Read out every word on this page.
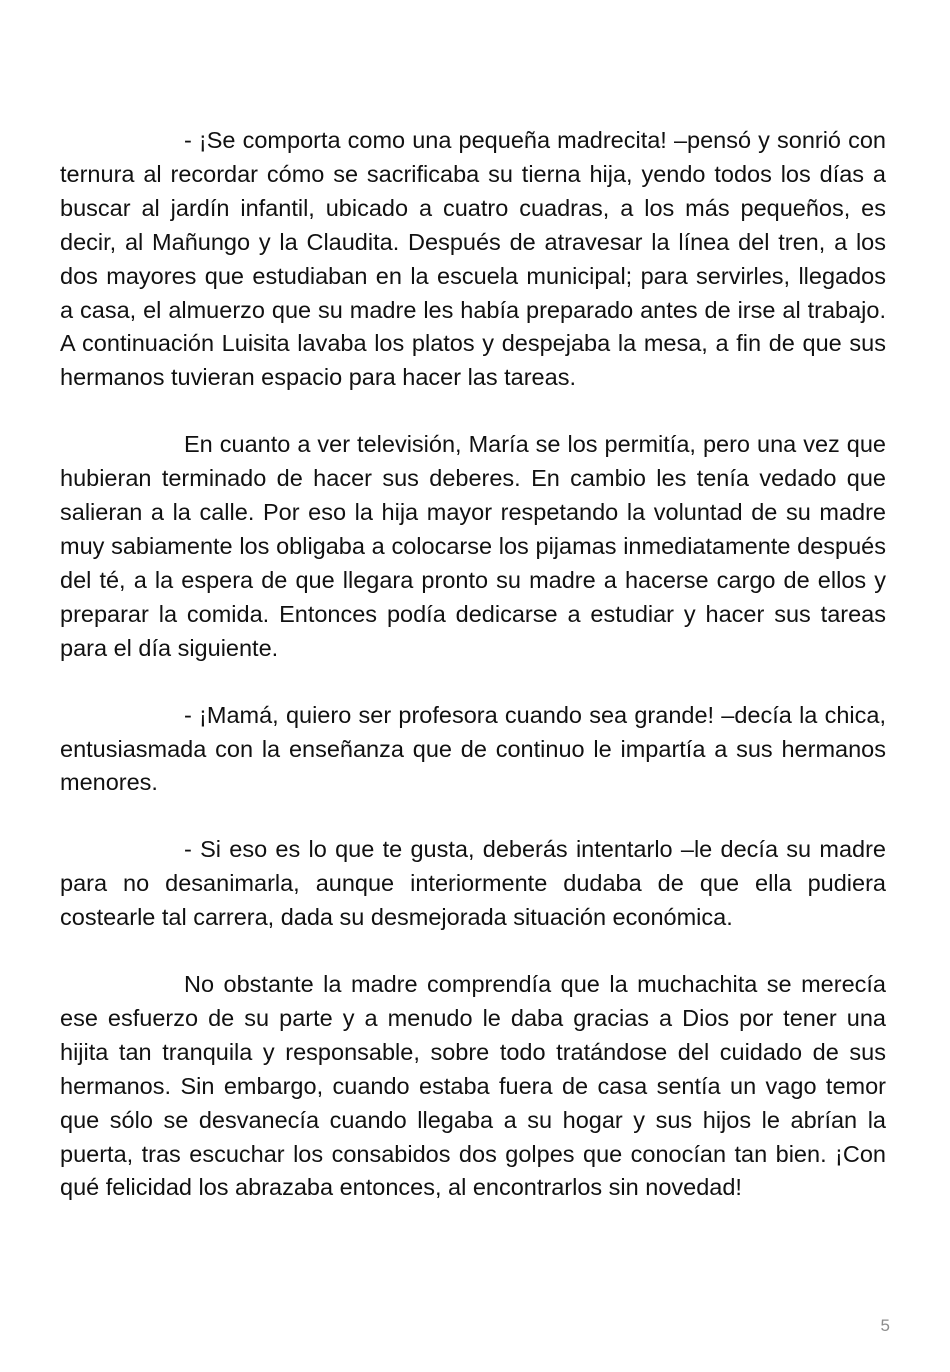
- ¡Se comporta como una pequeña madrecita! –pensó y sonrió con ternura al recordar cómo se sacrificaba su tierna hija, yendo todos los días a buscar al jardín infantil, ubicado a cuatro cuadras, a los más pequeños, es decir, al Mañungo y la Claudita. Después de atravesar la línea del tren, a los dos mayores que estudiaban en la escuela municipal; para servirles, llegados a casa, el almuerzo que su madre les había preparado antes de irse al trabajo. A continuación Luisita lavaba los platos y despejaba la mesa, a fin de que sus hermanos tuvieran espacio para hacer las tareas.

En cuanto a ver televisión, María se los permitía, pero una vez que hubieran terminado de hacer sus deberes. En cambio les tenía vedado que salieran a la calle. Por eso la hija mayor respetando la voluntad de su madre muy sabiamente los obligaba a colocarse los pijamas inmediatamente después del té, a la espera de que llegara pronto su madre a hacerse cargo de ellos y preparar la comida. Entonces podía dedicarse a estudiar y hacer sus tareas para el día siguiente.

- ¡Mamá, quiero ser profesora cuando sea grande! –decía la chica, entusiasmada con la enseñanza que de continuo le impartía a sus hermanos menores.

- Si eso es lo que te gusta, deberás intentarlo –le decía su madre para no desanimarla, aunque interiormente dudaba de que ella pudiera costearle tal carrera, dada su desmejorada situación económica.

No obstante la madre comprendía que la muchachita se merecía ese esfuerzo de su parte y a menudo le daba gracias a Dios por tener una hijita tan tranquila y responsable, sobre todo tratándose del cuidado de sus hermanos. Sin embargo, cuando estaba fuera de casa sentía un vago temor que sólo se desvanecía cuando llegaba a su hogar y sus hijos le abrían la puerta, tras escuchar los consabidos dos golpes que conocían tan bien. ¡Con qué felicidad los abrazaba entonces, al encontrarlos sin novedad!

5
